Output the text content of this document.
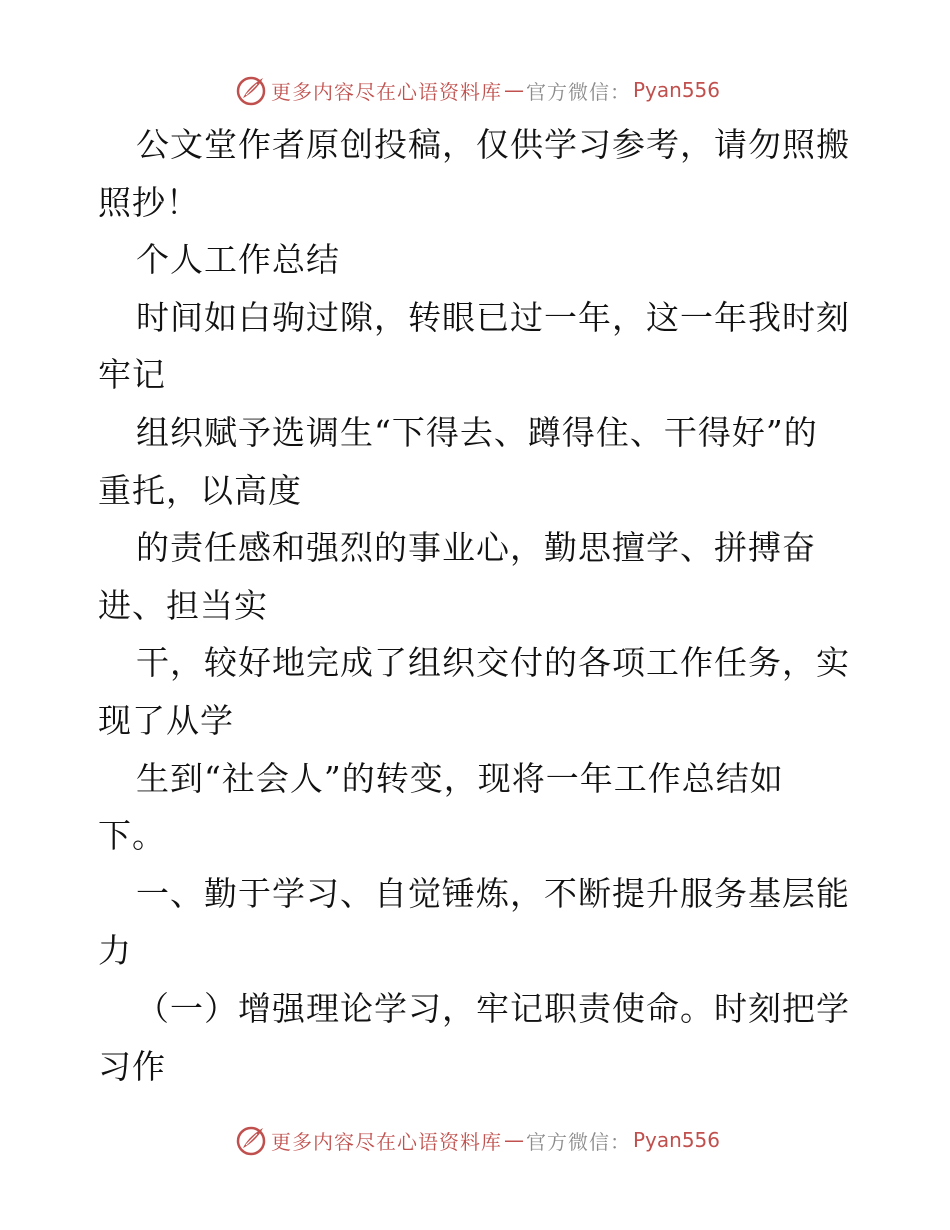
更多内容尽在心语资料库 — 官方微信： Pyan556
公文堂作者原创投稿，仅供学习参考，请勿照搬
照抄！
个人工作总结
时间如白驹过隙，转眼已过一年，这一年我时刻
牢记
组织赋予选调生“下得去、蹲得住、干得好”的
重托，以高度
的责任感和强烈的事业心，勤思擅学、拼搏奋
进、担当实
干，较好地完成了组织交付的各项工作任务，实
现了从学
生到“社会人”的转变，现将一年工作总结如
下。
一、勤于学习、自觉锤炼，不断提升服务基层能
力
（一）增强理论学习，牢记职责使命。时刻把学
习作
更多内容尽在心语资料库 — 官方微信： Pyan556
